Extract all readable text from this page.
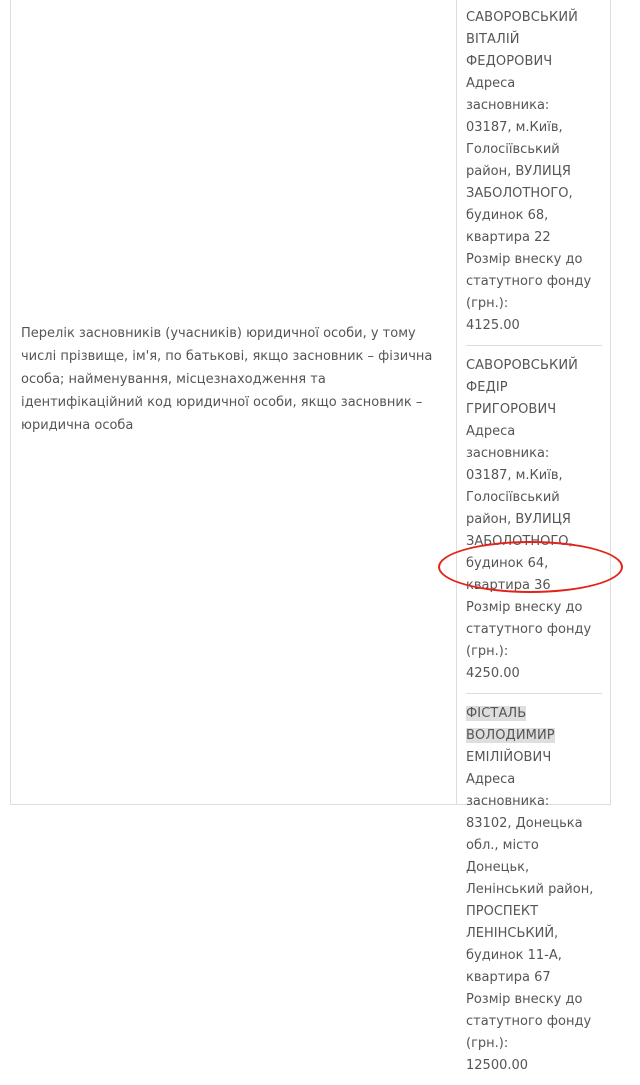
Перелік засновників (учасників) юридичної особи, у тому числі прізвище, ім'я, по батькові, якщо засновник – фізична особа; найменування, місцезнаходження та ідентифікаційний код юридичної особи, якщо засновник – юридична особа
САВОРОВСЬКИЙ ВІТАЛІЙ ФЕДОРОВИЧ
Адреса засновника:
03187, м.Київ, Голосіївський район, ВУЛИЦЯ ЗАБОЛОТНОГО, будинок 68, квартира 22
Розмір внеску до статутного фонду (грн.):
4125.00
САВОРОВСЬКИЙ ФЕДІР ГРИГОРОВИЧ
Адреса засновника:
03187, м.Київ, Голосіївський район, ВУЛИЦЯ ЗАБОЛОТНОГО, будинок 64, квартира 36
Розмір внеску до статутного фонду (грн.):
4250.00
ФІСТАЛЬ ВОЛОДИМИР ЕМІЛІЙОВИЧ
Адреса засновника:
83102, Донецька обл., місто Донецьк, Ленінський район, ПРОСПЕКТ ЛЕНІНСЬКИЙ, будинок 11-А, квартира 67
Розмір внеску до статутного фонду (грн.):
12500.00
